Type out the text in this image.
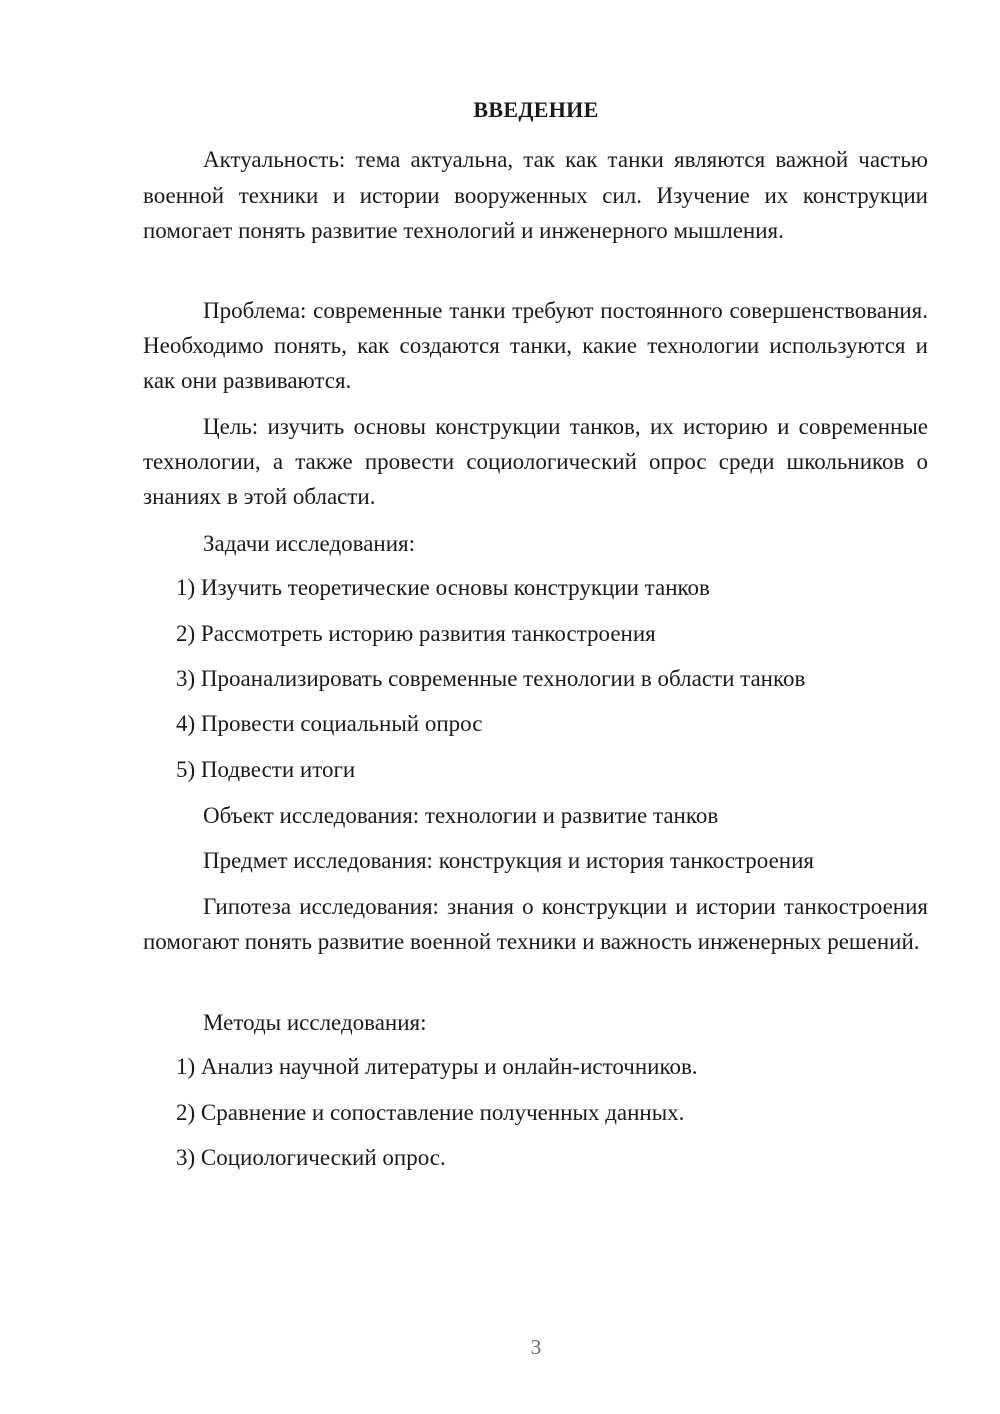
ВВЕДЕНИЕ

Актуальность: тема актуальна, так как танки являются важной частью военной техники и истории вооруженных сил. Изучение их конструкции помогает понять развитие технологий и инженерного мышления.

Проблема: современные танки требуют постоянного совершенствования. Необходимо понять, как создаются танки, какие технологии используются и как они развиваются.

Цель: изучить основы конструкции танков, их историю и современные технологии, а также провести социологический опрос среди школьников о знаниях в этой области.

Задачи исследования:

1) Изучить теоретические основы конструкции танков

2) Рассмотреть историю развития танкостроения

3) Проанализировать современные технологии в области танков

4) Провести социальный опрос

5) Подвести итоги

Объект исследования: технологии и развитие танков

Предмет исследования: конструкция и история танкостроения

Гипотеза исследования: знания о конструкции и истории танкостроения помогают понять развитие военной техники и важность инженерных решений.

Методы исследования:

1) Анализ научной литературы и онлайн-источников.

2) Сравнение и сопоставление полученных данных.

3) Социологический опрос.

3
